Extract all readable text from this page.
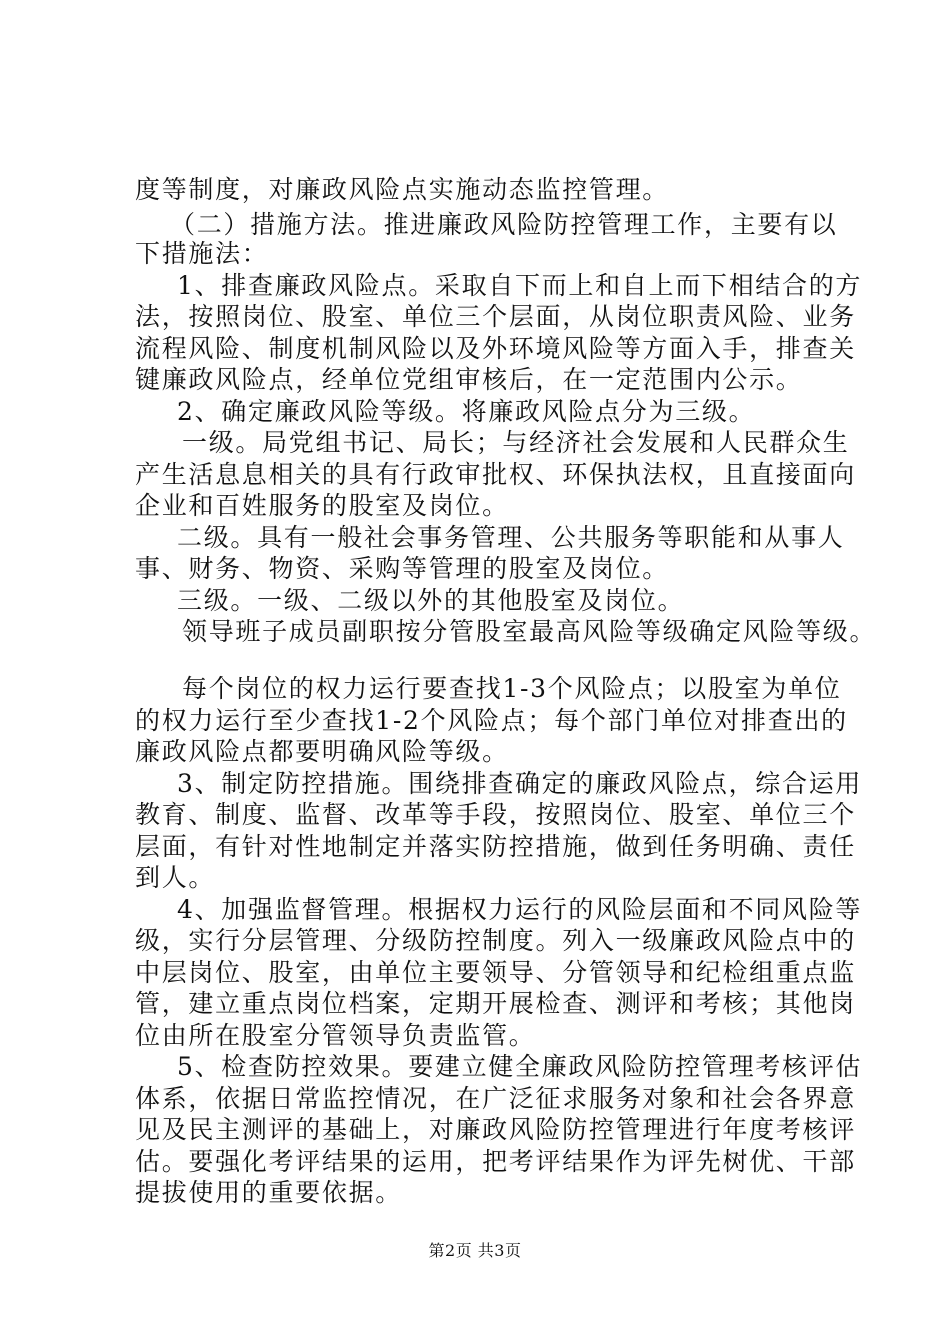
度等制度，对廉政风险点实施动态监控管理。
（二）措施方法。推进廉政风险防控管理工作，主要有以
下措施法：
1、排查廉政风险点。采取自下而上和自上而下相结合的方
法，按照岗位、股室、单位三个层面，从岗位职责风险、业务
流程风险、制度机制风险以及外环境风险等方面入手，排查关
键廉政风险点，经单位党组审核后，在一定范围内公示。
2、确定廉政风险等级。将廉政风险点分为三级。
一级。局党组书记、局长；与经济社会发展和人民群众生
产生活息息相关的具有行政审批权、环保执法权，且直接面向
企业和百姓服务的股室及岗位。
二级。具有一般社会事务管理、公共服务等职能和从事人
事、财务、物资、采购等管理的股室及岗位。
三级。一级、二级以外的其他股室及岗位。
领导班子成员副职按分管股室最高风险等级确定风险等级。
每个岗位的权力运行要查找1-3个风险点；以股室为单位
的权力运行至少查找1-2个风险点；每个部门单位对排查出的
廉政风险点都要明确风险等级。
3、制定防控措施。围绕排查确定的廉政风险点，综合运用
教育、制度、监督、改革等手段，按照岗位、股室、单位三个
层面，有针对性地制定并落实防控措施，做到任务明确、责任
到人。
4、加强监督管理。根据权力运行的风险层面和不同风险等
级，实行分层管理、分级防控制度。列入一级廉政风险点中的
中层岗位、股室，由单位主要领导、分管领导和纪检组重点监
管，建立重点岗位档案，定期开展检查、测评和考核；其他岗
位由所在股室分管领导负责监管。
5、检查防控效果。要建立健全廉政风险防控管理考核评估
体系，依据日常监控情况，在广泛征求服务对象和社会各界意
见及民主测评的基础上，对廉政风险防控管理进行年度考核评
估。要强化考评结果的运用，把考评结果作为评先树优、干部
提拔使用的重要依据。
第2页 共3页
